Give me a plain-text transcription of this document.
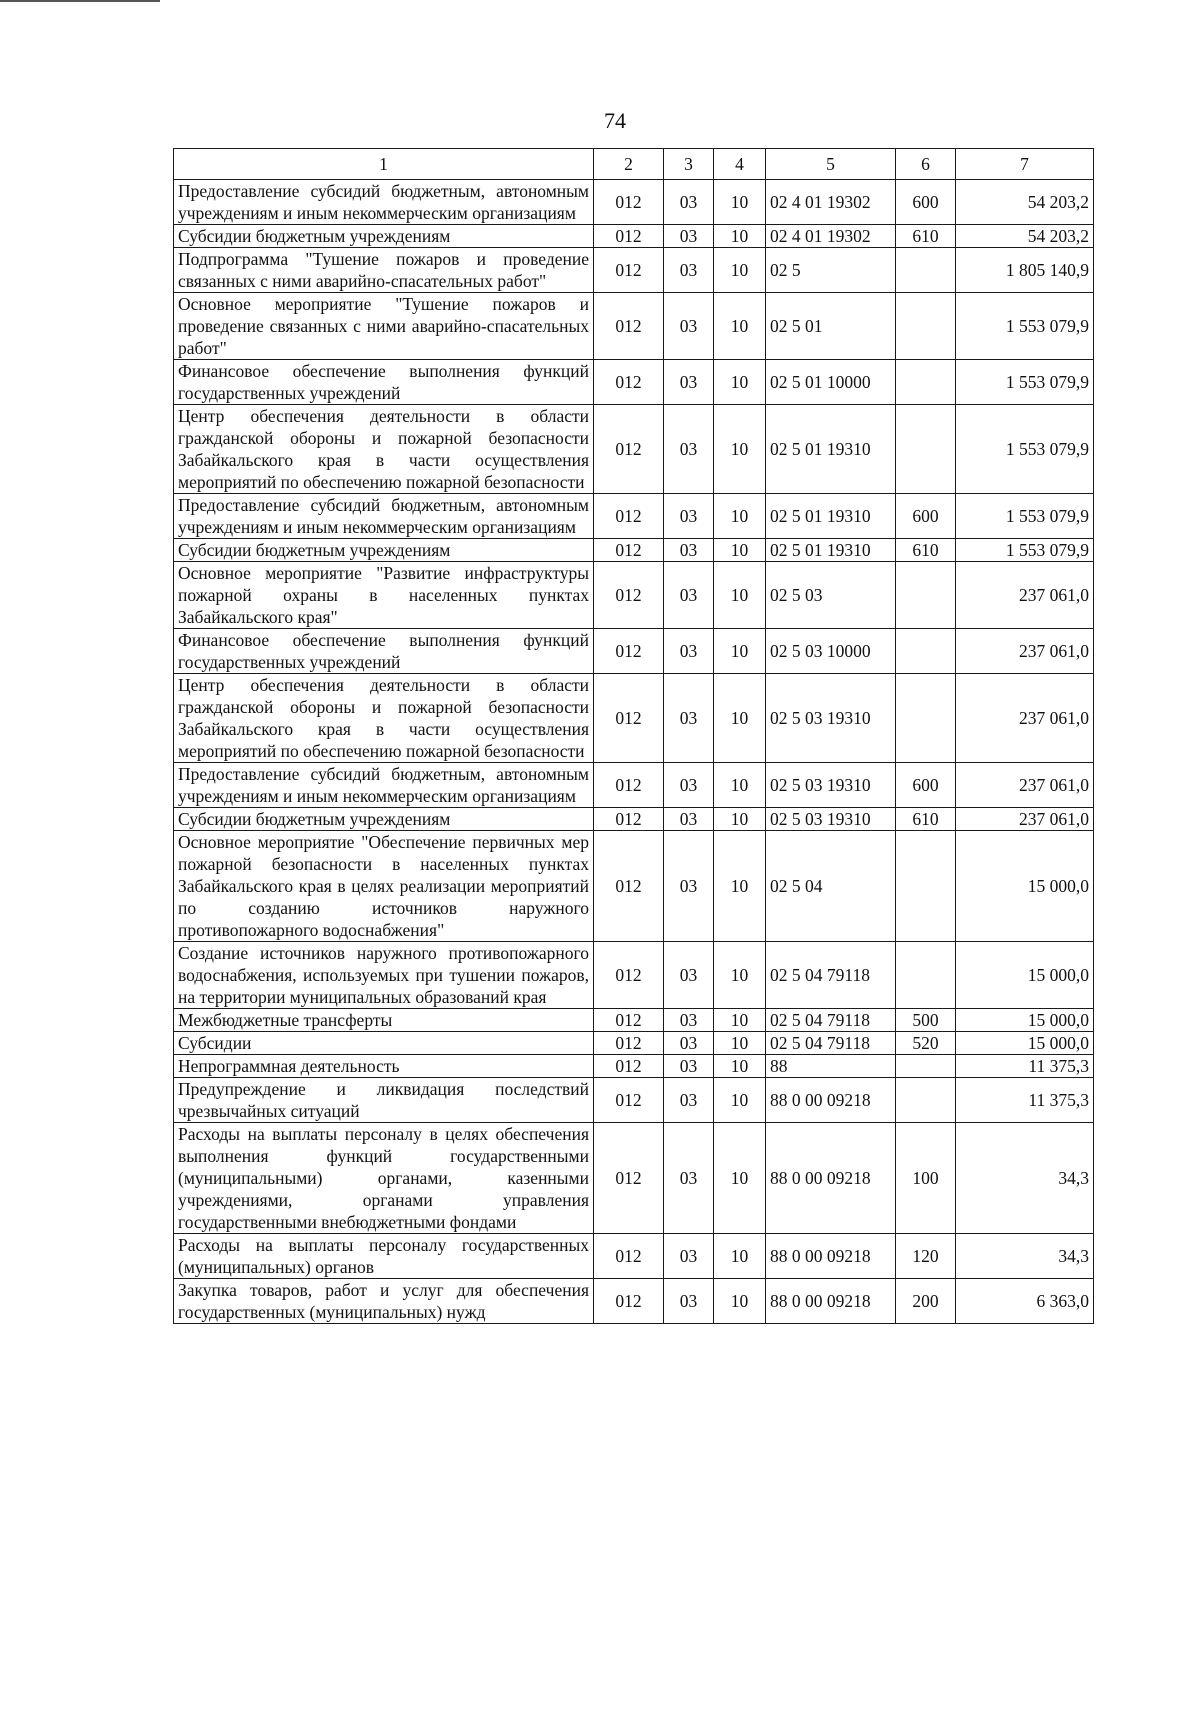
74
1	2	3	4	5	6	7
Предоставление субсидий бюджетным, автономным учреждениям и иным некоммерческим организациям	012	03	10	02 4 01 19302	600	54 203,2
Субсидии бюджетным учреждениям	012	03	10	02 4 01 19302	610	54 203,2
Подпрограмма "Тушение пожаров и проведение связанных с ними аварийно-спасательных работ"	012	03	10	02 5		1 805 140,9
Основное мероприятие "Тушение пожаров и проведение связанных с ними аварийно-спасательных работ"	012	03	10	02 5 01		1 553 079,9
Финансовое обеспечение выполнения функций государственных учреждений	012	03	10	02 5 01 10000		1 553 079,9
Центр обеспечения деятельности в области гражданской обороны и пожарной безопасности Забайкальского края в части осуществления мероприятий по обеспечению пожарной безопасности	012	03	10	02 5 01 19310		1 553 079,9
Предоставление субсидий бюджетным, автономным учреждениям и иным некоммерческим организациям	012	03	10	02 5 01 19310	600	1 553 079,9
Субсидии бюджетным учреждениям	012	03	10	02 5 01 19310	610	1 553 079,9
Основное мероприятие "Развитие инфраструктуры пожарной охраны в населенных пунктах Забайкальского края"	012	03	10	02 5 03		237 061,0
Финансовое обеспечение выполнения функций государственных учреждений	012	03	10	02 5 03 10000		237 061,0
Центр обеспечения деятельности в области гражданской обороны и пожарной безопасности Забайкальского края в части осуществления мероприятий по обеспечению пожарной безопасности	012	03	10	02 5 03 19310		237 061,0
Предоставление субсидий бюджетным, автономным учреждениям и иным некоммерческим организациям	012	03	10	02 5 03 19310	600	237 061,0
Субсидии бюджетным учреждениям	012	03	10	02 5 03 19310	610	237 061,0
Основное мероприятие "Обеспечение первичных мер пожарной безопасности в населенных пунктах Забайкальского края в целях реализации мероприятий по созданию источников наружного противопожарного водоснабжения"	012	03	10	02 5 04		15 000,0
Создание источников наружного противопожарного водоснабжения, используемых при тушении пожаров, на территории муниципальных образований края	012	03	10	02 5 04 79118		15 000,0
Межбюджетные трансферты	012	03	10	02 5 04 79118	500	15 000,0
Субсидии	012	03	10	02 5 04 79118	520	15 000,0
Непрограммная деятельность	012	03	10	88		11 375,3
Предупреждение и ликвидация последствий чрезвычайных ситуаций	012	03	10	88 0 00 09218		11 375,3
Расходы на выплаты персоналу в целях обеспечения выполнения функций государственными (муниципальными) органами, казенными учреждениями, органами управления государственными внебюджетными фондами	012	03	10	88 0 00 09218	100	34,3
Расходы на выплаты персоналу государственных (муниципальных) органов	012	03	10	88 0 00 09218	120	34,3
Закупка товаров, работ и услуг для обеспечения государственных (муниципальных) нужд	012	03	10	88 0 00 09218	200	6 363,0
